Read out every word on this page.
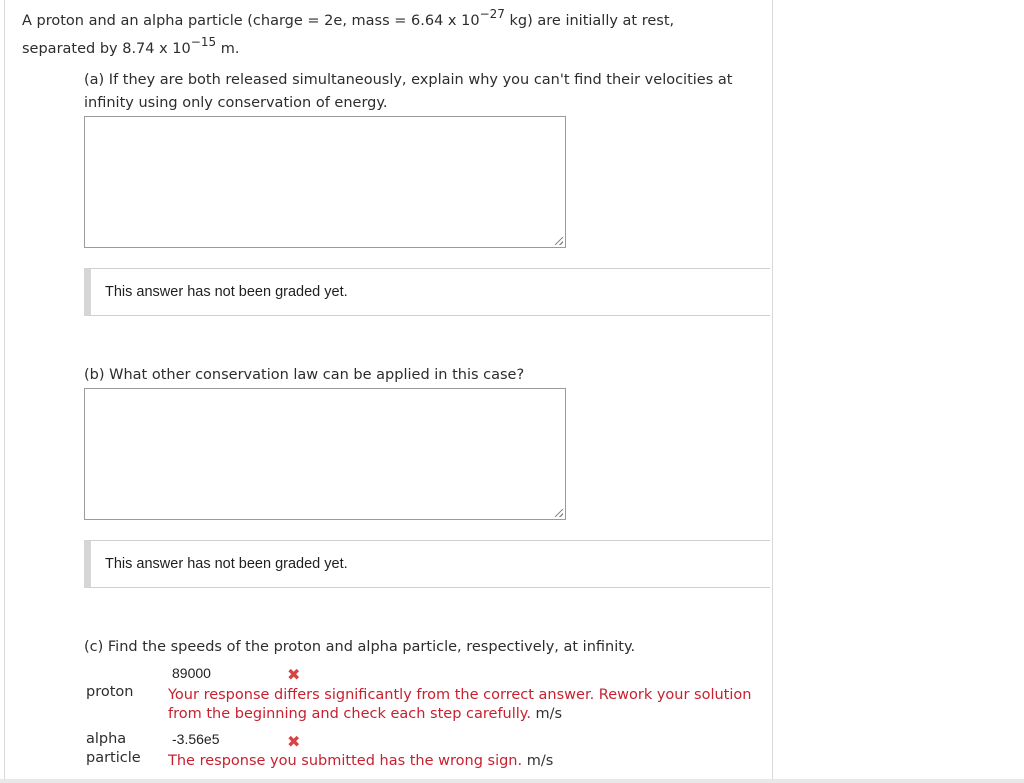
A proton and an alpha particle (charge = 2e, mass = 6.64 x $10^{-27}$ kg) are initially at rest,
separated by 8.74 x $10^{-15}$ m.
(a) If they are both released simultaneously, explain why you can't find their velocities at infinity using only conservation of energy.
This answer has not been graded yet.
(b) What other conservation law can be applied in this case?
This answer has not been graded yet.
(c) Find the speeds of the proton and alpha particle, respectively, at infinity.
89000	✖
proton Your response differs significantly from the correct answer. Rework your solution from the beginning and check each step carefully. m/s
-3.56e5	✖
alpha
particle The response you submitted has the wrong sign. m/s
